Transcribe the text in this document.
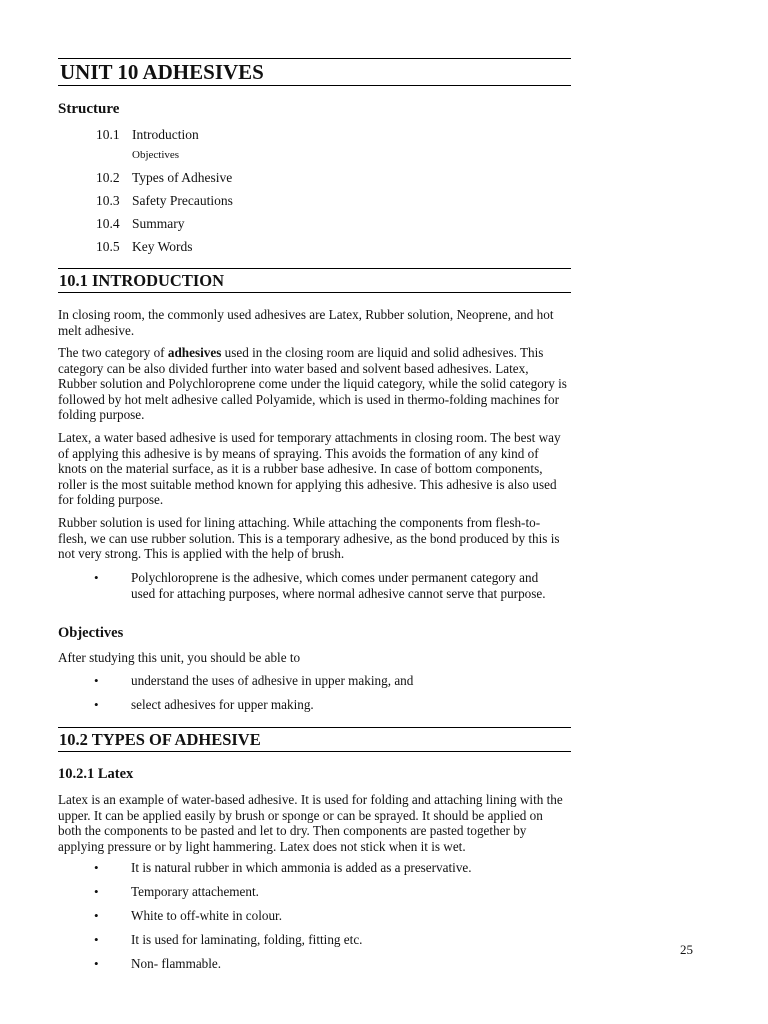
UNIT 10 ADHESIVES
Structure
10.1 Introduction
Objectives
10.2 Types of Adhesive
10.3 Safety Precautions
10.4 Summary
10.5 Key Words
10.1 INTRODUCTION

In closing room, the commonly used adhesives are Latex, Rubber solution, Neoprene, and hot melt adhesive.

The two category of adhesives used in the closing room are liquid and solid adhesives. This category can be also divided further into water based and solvent based adhesives. Latex, Rubber solution and Polychloroprene come under the liquid category, while the solid category is followed by hot melt adhesive called Polyamide, which is used in thermo-folding machines for folding purpose.

Latex, a water based adhesive is used for temporary attachments in closing room. The best way of applying this adhesive is by means of spraying. This avoids the formation of any kind of knots on the material surface, as it is a rubber base adhesive. In case of bottom components, roller is the most suitable method known for applying this adhesive. This adhesive is also used for folding purpose.

Rubber solution is used for lining attaching. While attaching the components from flesh-to-flesh, we can use rubber solution. This is a temporary adhesive, as the bond produced by this is not very strong. This is applied with the help of brush.

• Polychloroprene is the adhesive, which comes under permanent category and used for attaching purposes, where normal adhesive cannot serve that purpose.
Objectives

After studying this unit, you should be able to

• understand the uses of adhesive in upper making, and
• select adhesives for upper making.
10.2 TYPES OF ADHESIVE
10.2.1 Latex

Latex is an example of water-based adhesive. It is used for folding and attaching lining with the upper. It can be applied easily by brush or sponge or can be sprayed. It should be applied on both the components to be pasted and let to dry. Then components are pasted together by applying pressure or by light hammering. Latex does not stick when it is wet.

• It is natural rubber in which ammonia is added as a preservative.
• Temporary attachement.
• White to off-white in colour.
• It is used for laminating, folding, fitting etc.
• Non- flammable.
25
